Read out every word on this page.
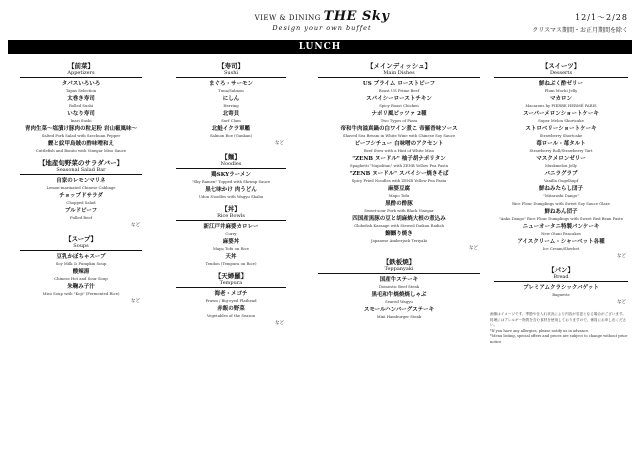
VIEW & DINING THE Sky
Design your own buffet
12/1～2/28
クリスマス期間・お正月期間を除く
LUNCH
【前菜】
Appetizers
タパスいろいろ
Tapas Selection
太巻き寿司
Rolled Sushi
いなり寿司
Inari Sushi
青肉生菜～塩漬け豚肉の粒足粉 岩山椒風味～
Salted Pork Salad with Szechuan Pepper
鰹と紋甲烏賊の酢味噌和え
Cuttlefish and Bonito with Vinegar Miso Sauce
【地産旬野菜のサラダバー】
Seasonal Salad Bar
自家のレモンマリネ
Lemon-marinated Chinese Cabbage
チョップドサラダ
Chopped Salad
プルドビーフ
Pulled Beef
など
【スープ】
Soups
豆乳かぼちゃスープ
Soy Milk & Pumpkin Soup
酸辣湯
Chinese Hot and Sour Soup
朱鞠み子汁
Miso Soup with "Koji" (Fermented Rice)
など
【寿司】
Sushi
まぐろ・サーモン
Tuna/Salmon
にしん
Herring
北寄貝
Surf Clam
北鮭イクラ軍艦
Salmon Roe (Gunkan)
など
【麺】
Noodles
鶏SKYラーメン
"Sky Ramen" Topped with Shrimp Sauce
黒七味かけ 肉うどん
Udon Noodles with Wagyu Shabu
【丼】
Rice Bowls
新江戸井麻婆カロレー
Curry
麻婆丼
Mapo Tofu on Rice
天丼
Tendon (Tempura on Rice)
【天婦羅】
Tempura
海老・メゴチ
Prawn / Big-eyed Flathead
赤飯の野菜
Vegetables of the Season
など
【メインディッシュ】
Main Dishes
US プライム ローストビーフ
Roast US Prime Beef
スパイシーローストチキン
Spicy Roast Chicken
ナポリ風ピッツァ 2種
Two Types of Pizza
帝和牛肉溢真鍋の白ワイン煮こ 帝羅香味ソース
Shaved Sea Bream in White Wine with Chinese Soy Sauce
ビーフシチュー 白味噌のアクセント
Beef Stew with a Hint of White Miso
"ZENB ヌードル" 柚子胡ナポリタン
Spaghetti "Napolitan" with ZENB Yellow Pea Pasta
"ZENB ヌードル" スパイシー焼きそば
Spicy Fried Noodles with ZENB Yellow Pea Pasta
麻婆豆腐
Mapo Tofu
黒酢の酢豚
Sweet-sour Pork with Black Vinegar
四国産黒豚の豆と胡麻焼大根の煮込み
Globefish Karaage with Stewed Daikon Radish
鰯鰯り焼き
Japanese Amberjack Teriyaki
など
【鉄板焼】
Teppanyaki
国産牛ステーキ
Domestic Beef Steak
黒毛和牛焼焼焼しゃぶ
Seared Wagyu
スモールハンバーグステーキ
Mini Hamburger Steak
【スイーツ】
Desserts
鮮ねぶく酢ゼリー
Plum Mochi Jelly
マカロン
Macarons by PIERRE HERMÉ PARIS
スーパーメロンショートケーキ
Super Melon Shortcake
ストロベリーショートケーキ
Strawberry Shortcake
苺ロール・苺タルト
Strawberry Roll/Strawberry Tart
マスクメロンゼリー
Muskmelon Jelly
バニラグラブ
Vanilla Gugelhupf
鮮ねみたらし団子
"Mitarashi Dango"
Rice Flour Dumplings with Sweet Soy Sauce Glaze
鮮ねあん団子
"Anko Dango" Rice Flour Dumplings with Sweet Red Bean Paste
ニューオータニ特製パンケーキ
New Otani Pancakes
アイスクリーム・シャーベット各種
Ice Cream/Sherbet
など
【パン】
Bread
プレミアムクラシックバゲット
Baguette
など
画像はイメージです。季節や仕入れ状況により内容が変更となる場合がございます。
料理にはアレルギー物質を含む食材を使用しておりますので、係員にお申し出ください。
*If you have any allergies, please notify us in advance.
*Menu listing, special offers and prices are subject to change without prior notice.
